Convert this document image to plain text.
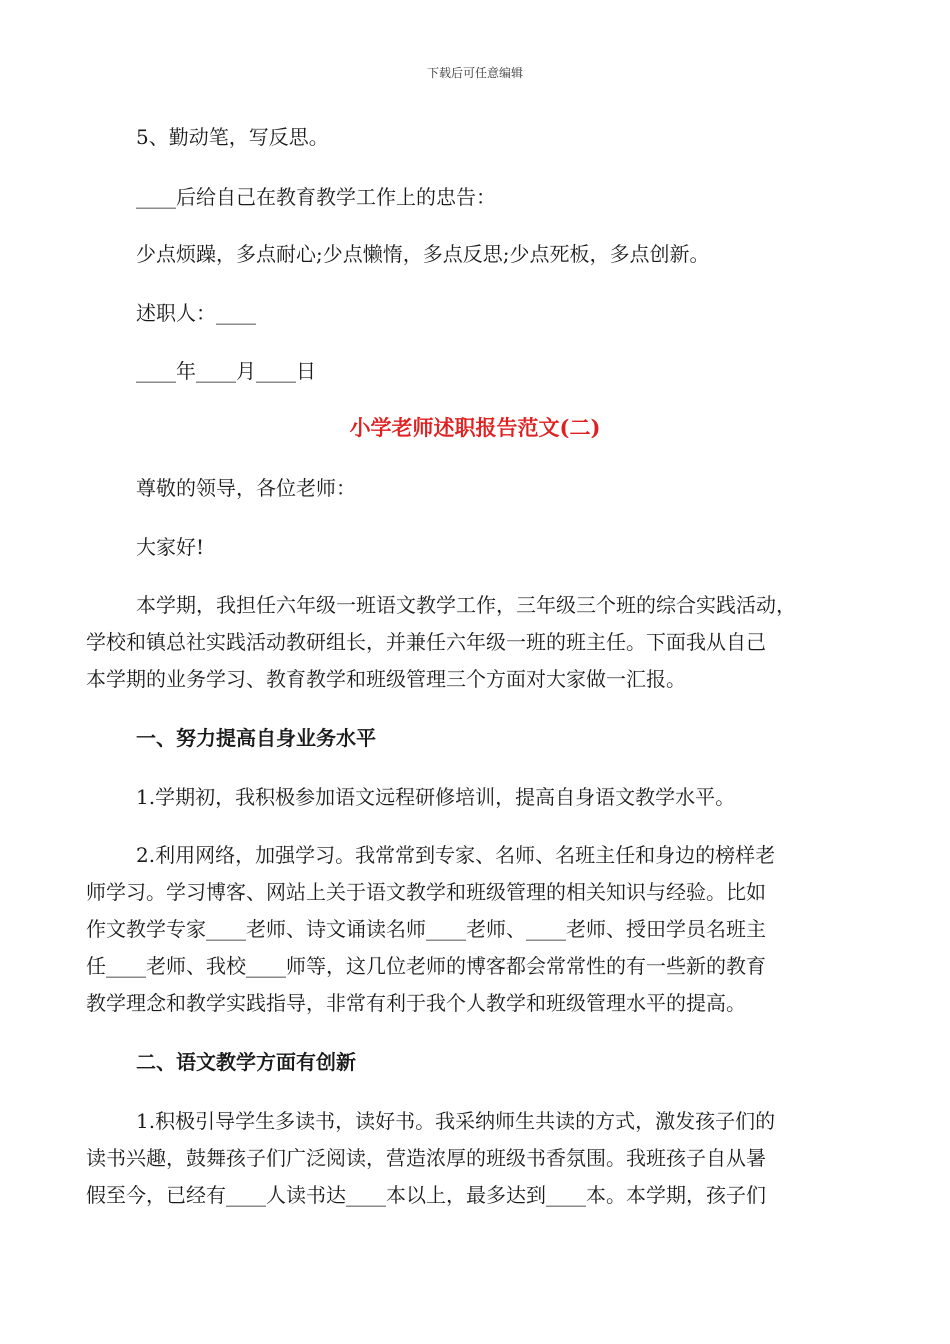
下载后可任意编辑
5、勤动笔，写反思。
____后给自己在教育教学工作上的忠告：
少点烦躁，多点耐心;少点懒惰，多点反思;少点死板，多点创新。
述职人：____
____年____月____日
小学老师述职报告范文(二)
尊敬的领导，各位老师：
大家好!
本学期，我担任六年级一班语文教学工作，三年级三个班的综合实践活动，
学校和镇总社实践活动教研组长，并兼任六年级一班的班主任。下面我从自己
本学期的业务学习、教育教学和班级管理三个方面对大家做一汇报。
一、努力提高自身业务水平
1.学期初，我积极参加语文远程研修培训，提高自身语文教学水平。
2.利用网络，加强学习。我常常到专家、名师、名班主任和身边的榜样老
师学习。学习博客、网站上关于语文教学和班级管理的相关知识与经验。比如
作文教学专家____老师、诗文诵读名师____老师、____老师、授田学员名班主
任____老师、我校____师等，这几位老师的博客都会常常性的有一些新的教育
教学理念和教学实践指导，非常有利于我个人教学和班级管理水平的提高。
二、语文教学方面有创新
1.积极引导学生多读书，读好书。我采纳师生共读的方式，激发孩子们的
读书兴趣，鼓舞孩子们广泛阅读，营造浓厚的班级书香氛围。我班孩子自从暑
假至今，已经有____人读书达____本以上，最多达到____本。本学期，孩子们
